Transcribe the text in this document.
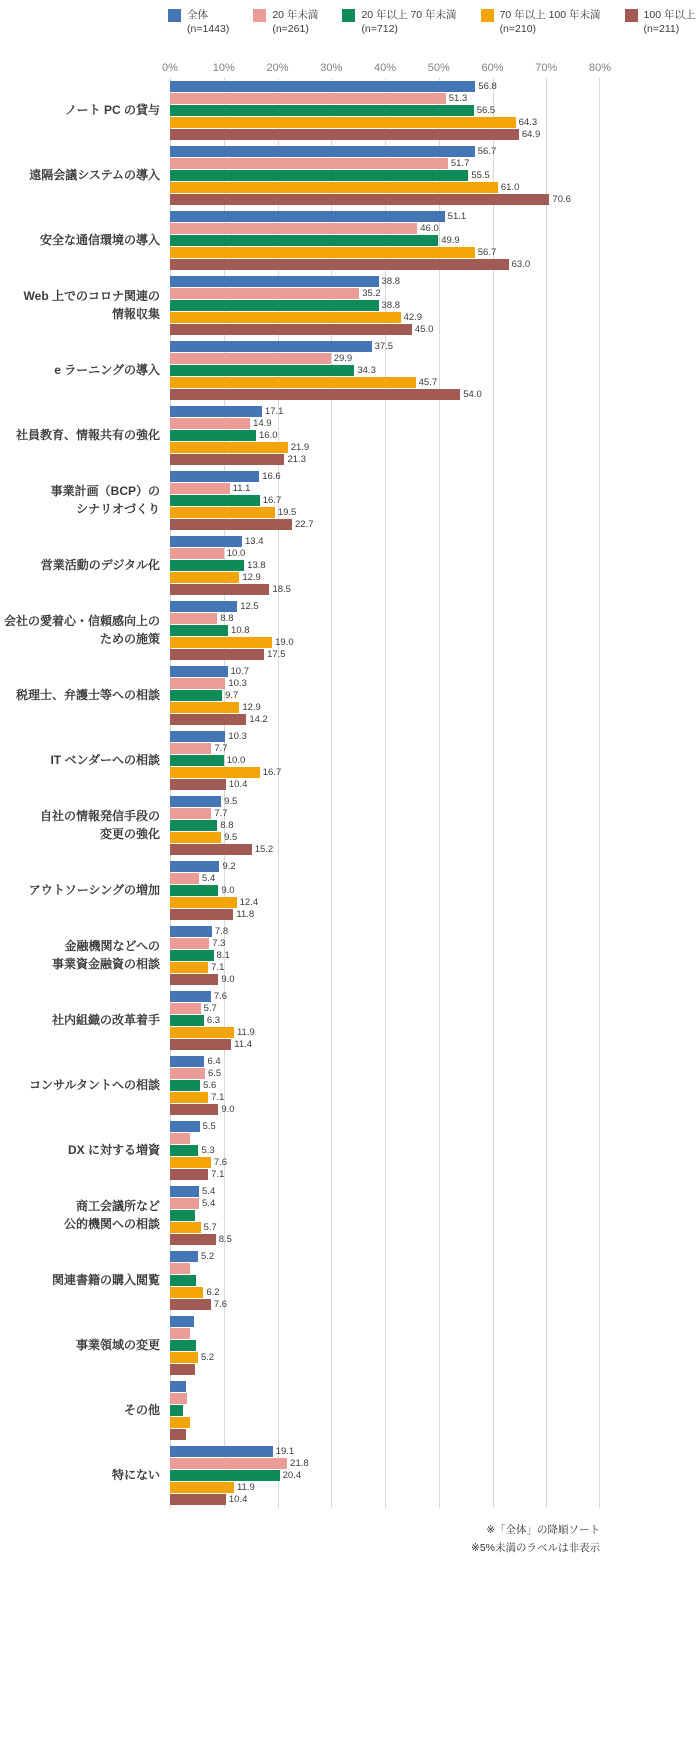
全体
(n=1443)
20 年未満
(n=261)
20 年以上 70 年未満
(n=712)
70 年以上 100 年未満
(n=210)
100 年以上
(n=211)
0%	10%	20%	30%	40%	50%	60%	70%	80%
ノート PC の貸与
56.8
51.3
56.5
64.3
64.9
遠隔会議システムの導入
56.7
51.7
55.5
61.0
70.6
安全な通信環境の導入
51.1
46.0
49.9
56.7
63.0
Web 上でのコロナ関連の
情報収集
38.8
35.2
38.8
42.9
45.0
e ラーニングの導入
37.5
29.9
34.3
45.7
54.0
社員教育、情報共有の強化
17.1
14.9
16.0
21.9
21.3
事業計画（BCP）の
シナリオづくり
16.6
11.1
16.7
19.5
22.7
営業活動のデジタル化
13.4
10.0
13.8
12.9
18.5
会社の愛着心・信頼感向上の
ための施策
12.5
8.8
10.8
19.0
17.5
税理士、弁護士等への相談
10.7
10.3
9.7
12.9
14.2
IT ベンダーへの相談
10.3
7.7
10.0
16.7
10.4
自社の情報発信手段の
変更の強化
9.5
7.7
8.8
9.5
15.2
アウトソーシングの増加
9.2
5.4
9.0
12.4
11.8
金融機関などへの
事業資金融資の相談
7.8
7.3
8.1
7.1
9.0
社内組織の改革着手
7.6
5.7
6.3
11.9
11.4
コンサルタントへの相談
6.4
6.5
5.6
7.1
9.0
DX に対する増資
5.5
5.3
7.6
7.1
商工会議所など
公的機関への相談
5.4
5.4
5.7
8.5
関連書籍の購入閲覧
5.2
6.2
7.6
事業領域の変更
5.2
その他
特にない
19.1
21.8
20.4
11.9
10.4
※「全体」の降順ソート
※5%未満のラベルは非表示
